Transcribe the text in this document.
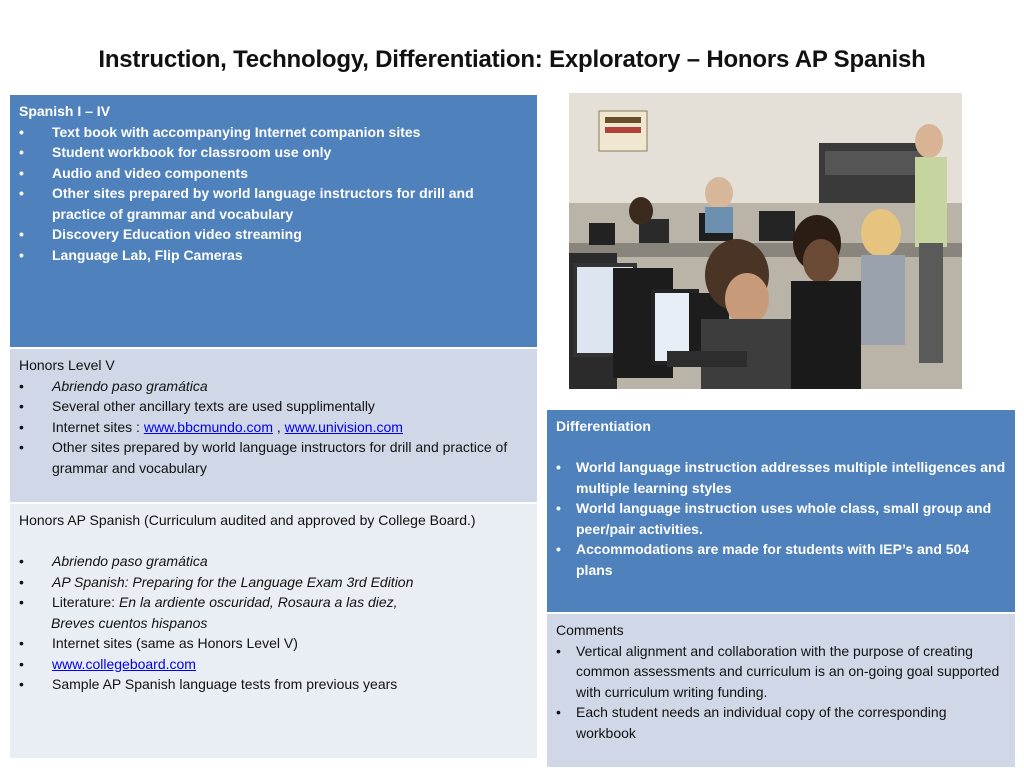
Instruction, Technology, Differentiation: Exploratory – Honors AP Spanish
Spanish I – IV
• Text book with accompanying Internet companion sites
• Student workbook for classroom use only
• Audio and video components
• Other sites prepared by world language instructors for drill and practice of grammar and vocabulary
• Discovery Education video streaming
• Language Lab, Flip Cameras
Honors Level V
• Abriendo paso gramática
• Several other ancillary texts are used supplimentally
• Internet sites : www.bbcmundo.com , www.univision.com
• Other sites prepared by world language instructors for drill and practice of grammar and vocabulary
Honors AP Spanish (Curriculum audited and approved by College Board.)
• Abriendo paso gramática
• AP Spanish: Preparing for the Language Exam 3rd Edition
• Literature: En la ardiente oscuridad, Rosaura a las diez,
Breves cuentos hispanos
• Internet sites (same as Honors Level V)
• www.collegeboard.com
• Sample AP Spanish language tests from previous years
Differentiation
• World language instruction addresses multiple intelligences and multiple learning styles
• World language instruction uses whole class, small group and peer/pair activities.
• Accommodations are made for students with IEP’s and 504 plans
Comments
• Vertical alignment and collaboration with the purpose of creating common assessments and curriculum is an on-going goal supported with curriculum writing funding.
• Each student needs an individual copy of the corresponding workbook
